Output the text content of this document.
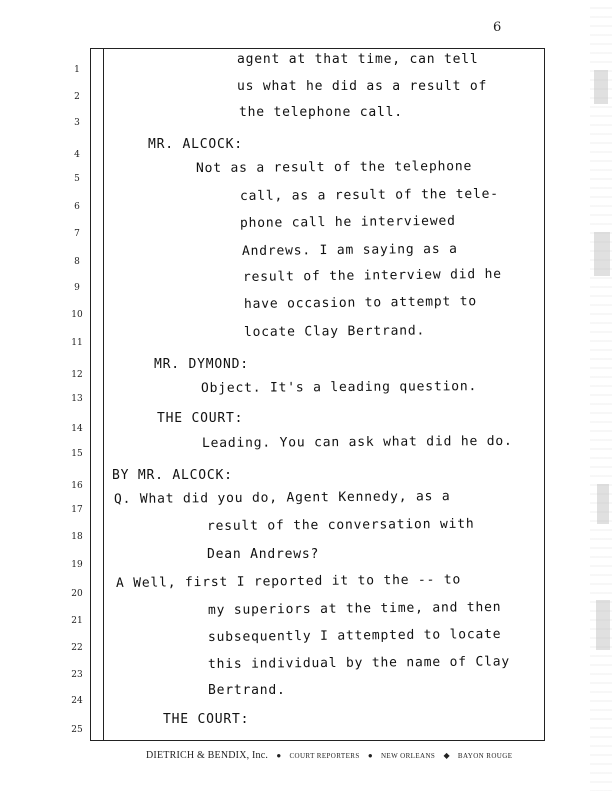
6
1
2
3
4
5
6
7
8
9
10
11
12
13
14
15
16
17
18
19
20
21
22
23
24
25
agent at that time, can tell
us what he did as a result of
the telephone call.
MR. ALCOCK:
Not as a result of the telephone
call, as a result of the tele-
phone call he interviewed
Andrews. I am saying as a
result of the interview did he
have occasion to attempt to
locate Clay Bertrand.
MR. DYMOND:
Object. It's a leading question.
THE COURT:
Leading. You can ask what did he do.
BY MR. ALCOCK:
Q. What did you do, Agent Kennedy, as a
result of the conversation with
Dean Andrews?
A Well, first I reported it to the -- to
my superiors at the time, and then
subsequently I attempted to locate
this individual by the name of Clay
Bertrand.
THE COURT:
DIETRICH & BENDIX, Inc. ● COURT REPORTERS ● NEW ORLEANS ◆ BAYON ROUGE
